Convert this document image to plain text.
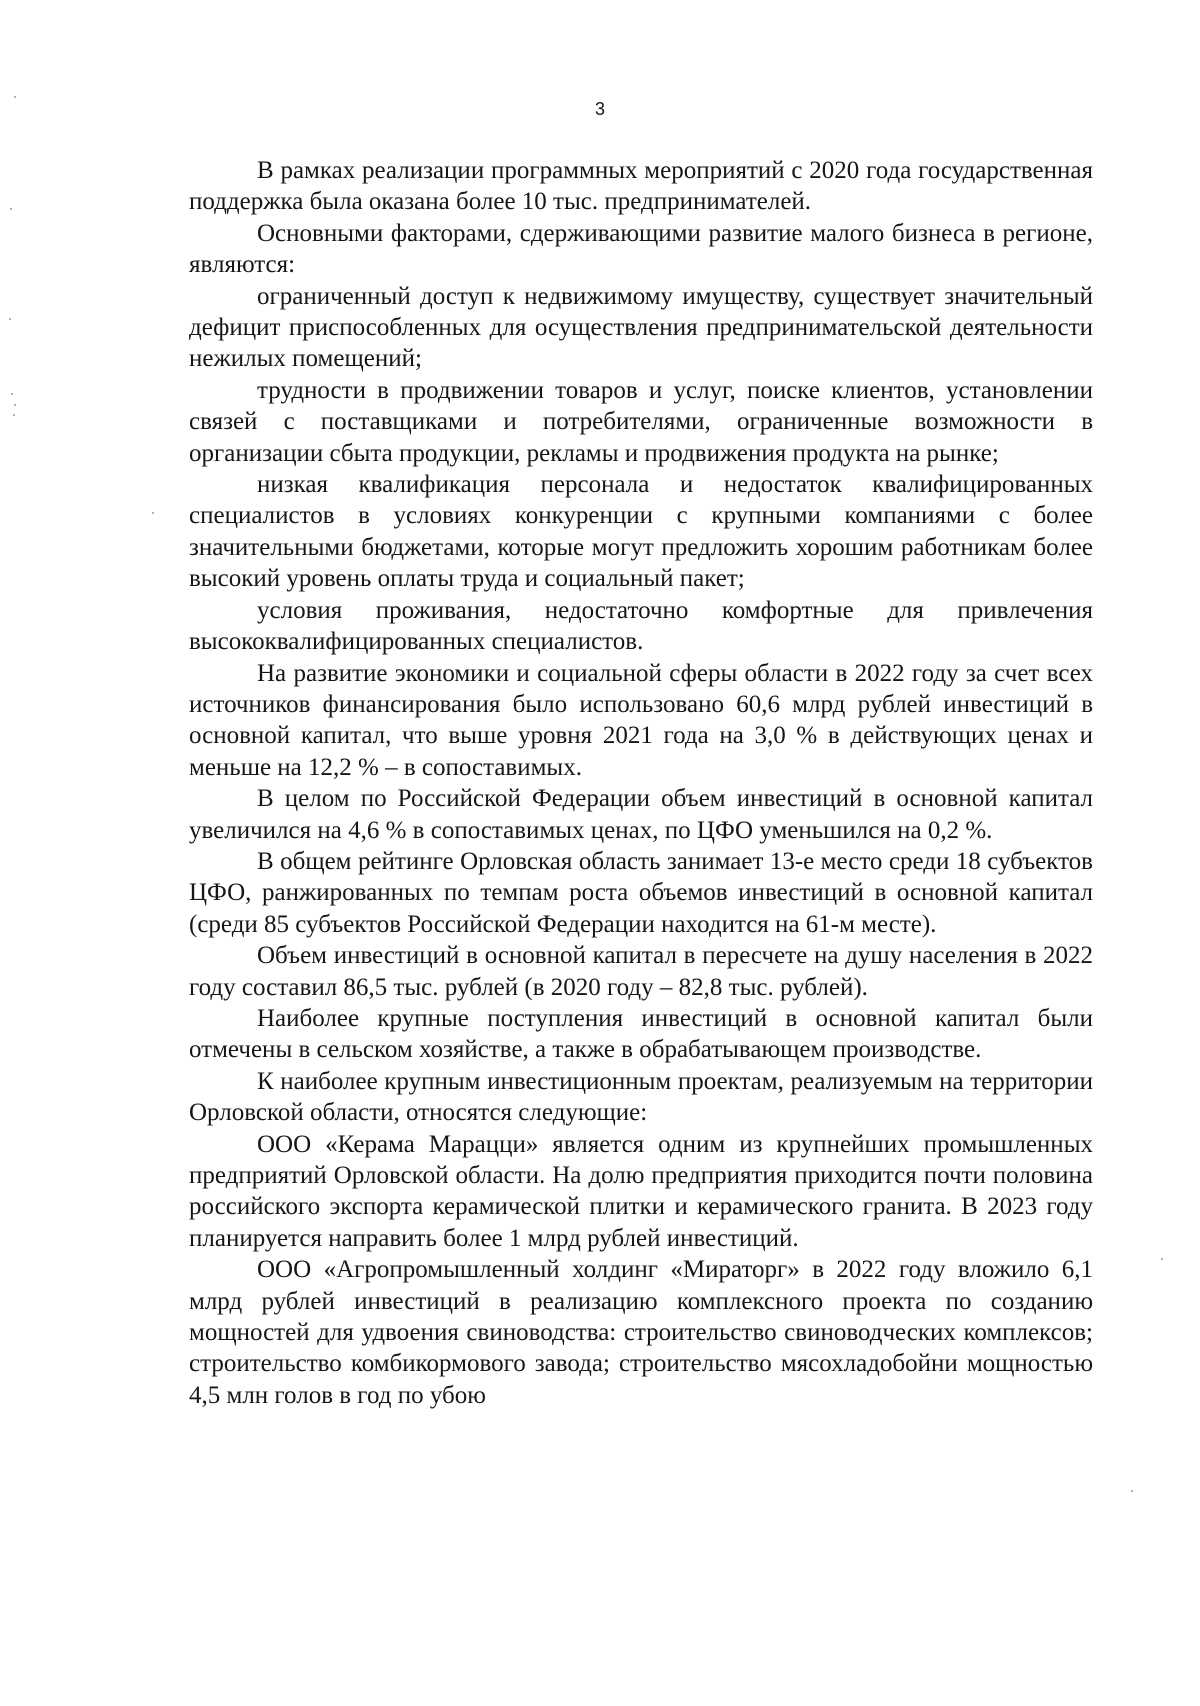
3

В рамках реализации программных мероприятий с 2020 года государственная поддержка была оказана более 10 тыс. предпринимателей.

Основными факторами, сдерживающими развитие малого бизнеса в регионе, являются:

ограниченный доступ к недвижимому имуществу, существует значительный дефицит приспособленных для осуществления предпринимательской деятельности нежилых помещений;

трудности в продвижении товаров и услуг, поиске клиентов, установлении связей с поставщиками и потребителями, ограниченные возможности в организации сбыта продукции, рекламы и продвижения продукта на рынке;

низкая квалификация персонала и недостаток квалифицированных специалистов в условиях конкуренции с крупными компаниями с более значительными бюджетами, которые могут предложить хорошим работникам более высокий уровень оплаты труда и социальный пакет;

условия проживания, недостаточно комфортные для привлечения высококвалифицированных специалистов.

На развитие экономики и социальной сферы области в 2022 году за счет всех источников финансирования было использовано 60,6 млрд рублей инвестиций в основной капитал, что выше уровня 2021 года на 3,0 % в действующих ценах и меньше на 12,2 % – в сопоставимых.

В целом по Российской Федерации объем инвестиций в основной капитал увеличился на 4,6 % в сопоставимых ценах, по ЦФО уменьшился на 0,2 %.

В общем рейтинге Орловская область занимает 13-е место среди 18 субъектов ЦФО, ранжированных по темпам роста объемов инвестиций в основной капитал (среди 85 субъектов Российской Федерации находится на 61-м месте).

Объем инвестиций в основной капитал в пересчете на душу населения в 2022 году составил 86,5 тыс. рублей (в 2020 году – 82,8 тыс. рублей).

Наиболее крупные поступления инвестиций в основной капитал были отмечены в сельском хозяйстве, а также в обрабатывающем производстве.

К наиболее крупным инвестиционным проектам, реализуемым на территории Орловской области, относятся следующие:

ООО «Керама Марацци» является одним из крупнейших промышленных предприятий Орловской области. На долю предприятия приходится почти половина российского экспорта керамической плитки и керамического гранита. В 2023 году планируется направить более 1 млрд рублей инвестиций.

ООО «Агропромышленный холдинг «Мираторг» в 2022 году вложило 6,1 млрд рублей инвестиций в реализацию комплексного проекта по созданию мощностей для удвоения свиноводства: строительство свиноводческих комплексов; строительство комбикормового завода; строительство мясохладобойни мощностью 4,5 млн голов в год по убою
